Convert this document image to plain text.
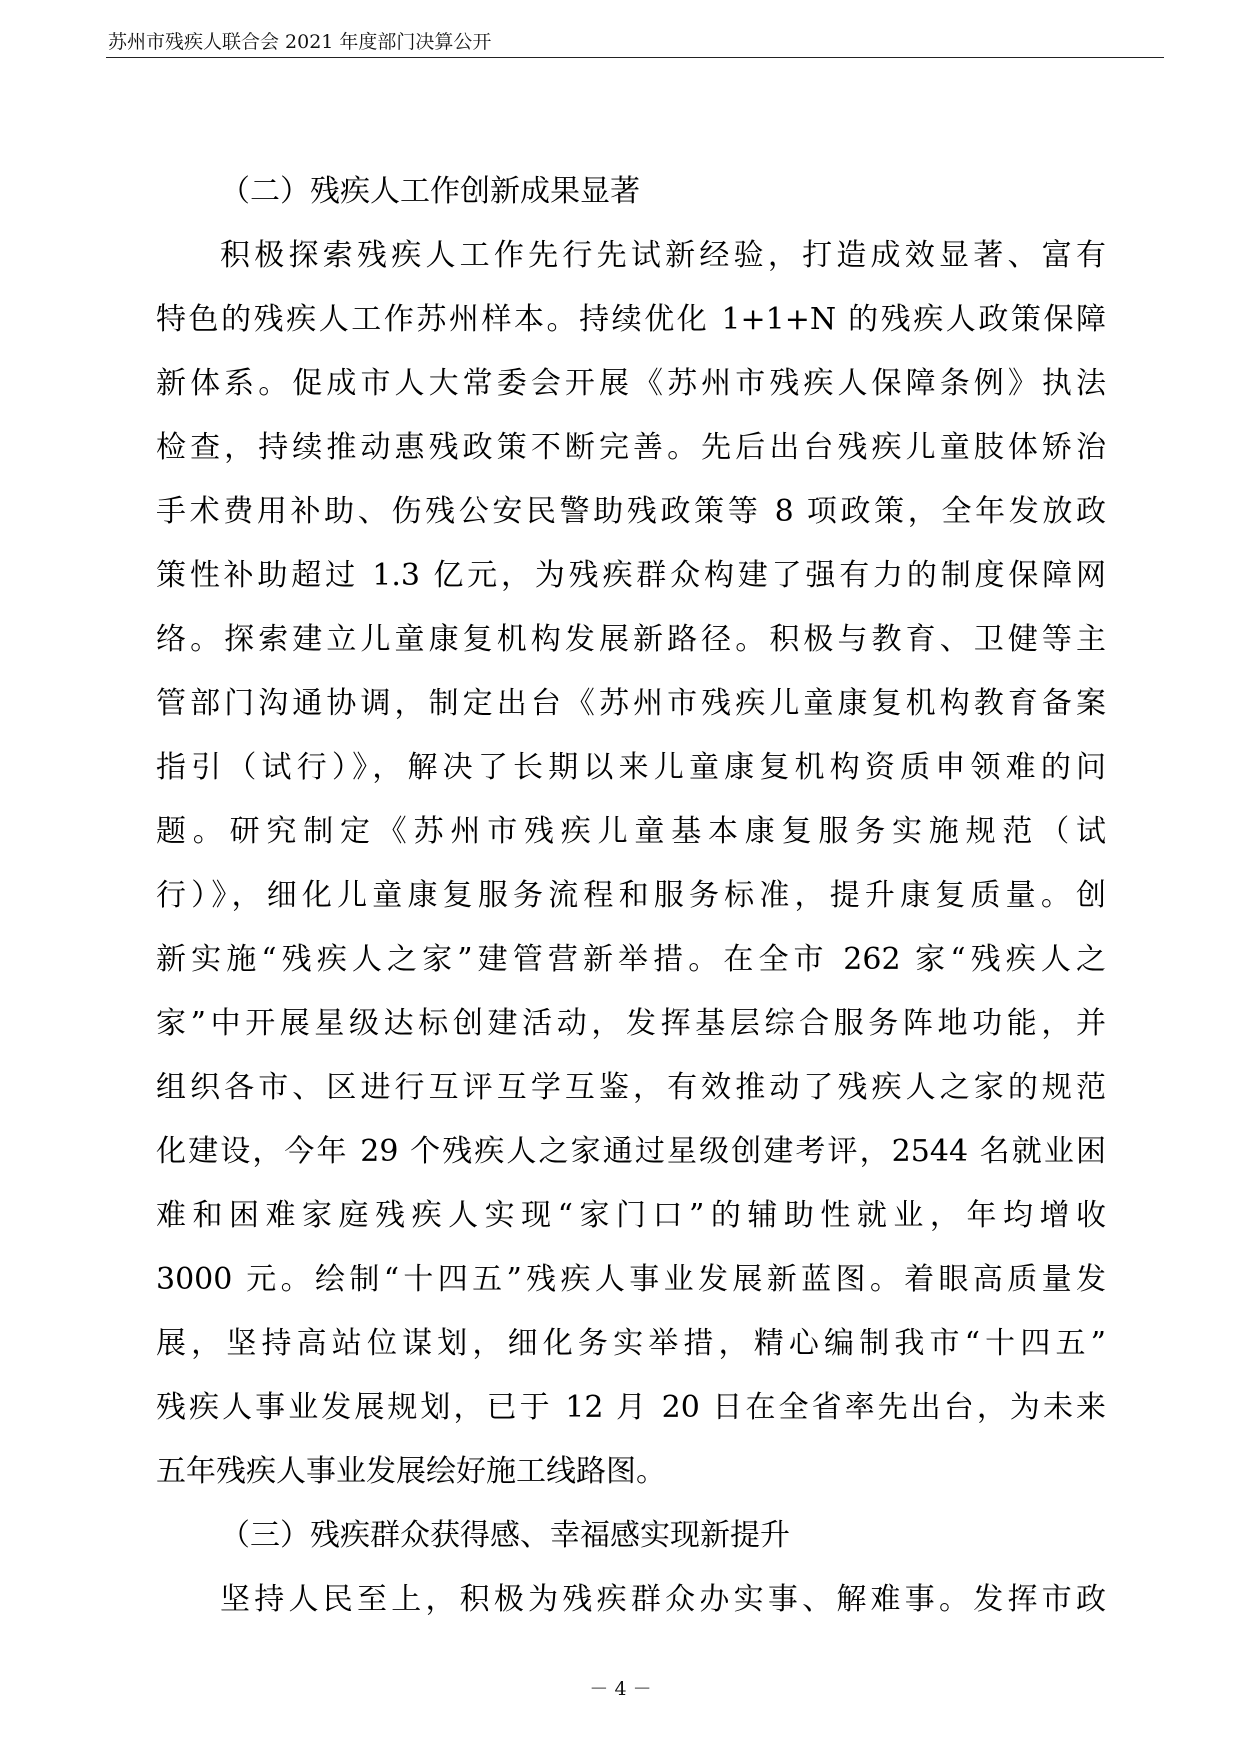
苏州市残疾人联合会 2021 年度部门决算公开
（二）残疾人工作创新成果显著
积极探索残疾人工作先行先试新经验，打造成效显著、富有
特色的残疾人工作苏州样本。持续优化 1+1+N 的残疾人政策保障
新体系。促成市人大常委会开展《苏州市残疾人保障条例》执法
检查，持续推动惠残政策不断完善。先后出台残疾儿童肢体矫治
手术费用补助、伤残公安民警助残政策等 8 项政策，全年发放政
策性补助超过 1.3 亿元，为残疾群众构建了强有力的制度保障网
络。探索建立儿童康复机构发展新路径。积极与教育、卫健等主
管部门沟通协调，制定出台《苏州市残疾儿童康复机构教育备案
指引（试行）》，解决了长期以来儿童康复机构资质申领难的问
题。研究制定《苏州市残疾儿童基本康复服务实施规范（试
行）》，细化儿童康复服务流程和服务标准，提升康复质量。创
新实施“残疾人之家”建管营新举措。在全市 262 家“残疾人之
家”中开展星级达标创建活动，发挥基层综合服务阵地功能，并
组织各市、区进行互评互学互鉴，有效推动了残疾人之家的规范
化建设，今年 29 个残疾人之家通过星级创建考评，2544 名就业困
难和困难家庭残疾人实现“家门口”的辅助性就业，年均增收
3000 元。绘制“十四五”残疾人事业发展新蓝图。着眼高质量发
展，坚持高站位谋划，细化务实举措，精心编制我市“十四五”
残疾人事业发展规划，已于 12 月 20 日在全省率先出台，为未来
五年残疾人事业发展绘好施工线路图。
（三）残疾群众获得感、幸福感实现新提升
坚持人民至上，积极为残疾群众办实事、解难事。发挥市政
－ 4 －
